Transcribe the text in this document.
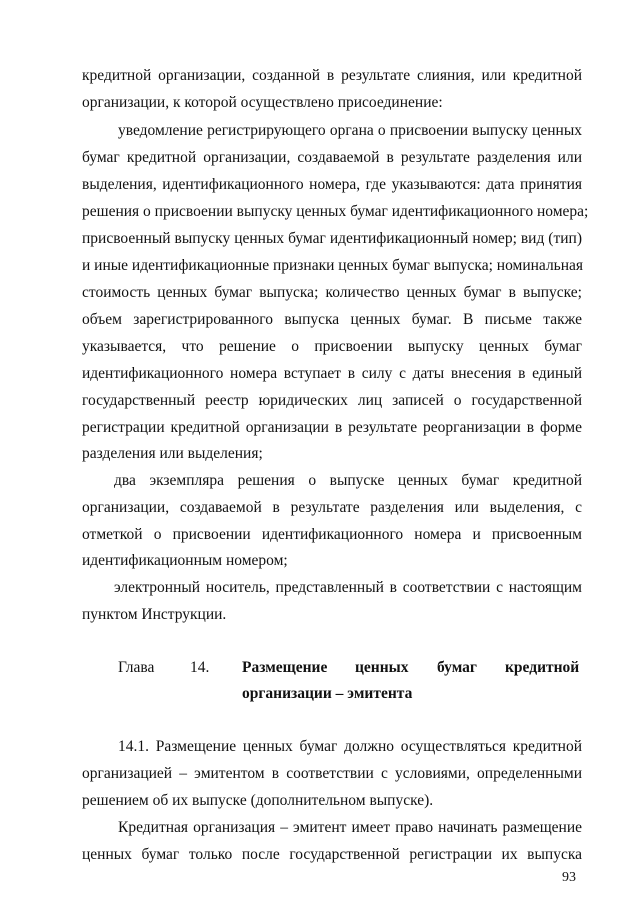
кредитной организации, созданной в результате слияния, или кредитной
организации, к которой осуществлено присоединение:
уведомление регистрирующего органа о присвоении выпуску ценных
бумаг кредитной организации, создаваемой в результате разделения или
выделения, идентификационного номера, где указываются: дата принятия
решения о присвоении выпуску ценных бумаг идентификационного номера;
присвоенный выпуску ценных бумаг идентификационный номер; вид (тип)
и иные идентификационные признаки ценных бумаг выпуска; номинальная
стоимость ценных бумаг выпуска; количество ценных бумаг в выпуске;
объем зарегистрированного выпуска ценных бумаг. В письме также
указывается, что решение о присвоении выпуску ценных бумаг
идентификационного номера вступает в силу с даты внесения в единый
государственный реестр юридических лиц записей о государственной
регистрации кредитной организации в результате реорганизации в форме
разделения или выделения;
два экземпляра решения о выпуске ценных бумаг кредитной
организации, создаваемой в результате разделения или выделения, с
отметкой о присвоении идентификационного номера и присвоенным
идентификационным номером;
электронный носитель, представленный в соответствии с настоящим
пунктом Инструкции.
Глава 14. Размещение ценных бумаг кредитной
организации – эмитента
14.1. Размещение ценных бумаг должно осуществляться кредитной
организацией – эмитентом в соответствии с условиями, определенными
решением об их выпуске (дополнительном выпуске).
Кредитная организация – эмитент имеет право начинать размещение
ценных бумаг только после государственной регистрации их выпуска
93
